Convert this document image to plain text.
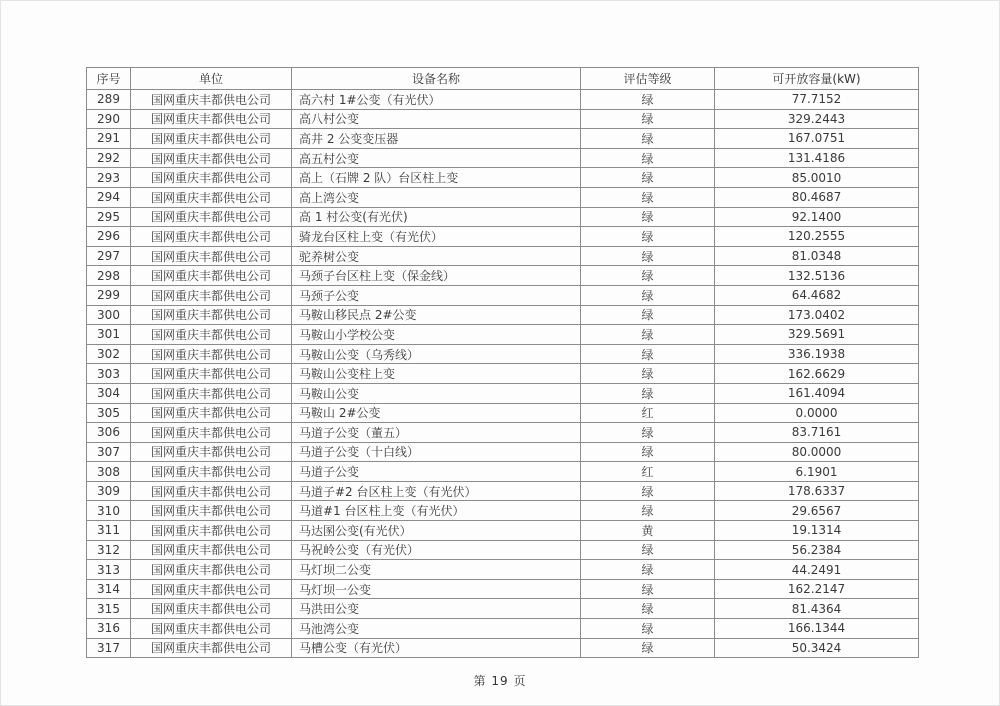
序号	单位	设备名称	评估等级	可开放容量(kW)
289	国网重庆丰都供电公司	高六村 1#公变（有光伏）	绿	77.7152
290	国网重庆丰都供电公司	高八村公变	绿	329.2443
291	国网重庆丰都供电公司	高井 2 公变变压器	绿	167.0751
292	国网重庆丰都供电公司	高五村公变	绿	131.4186
293	国网重庆丰都供电公司	高上（石牌 2 队）台区柱上变	绿	85.0010
294	国网重庆丰都供电公司	高上湾公变	绿	80.4687
295	国网重庆丰都供电公司	高 1 村公变(有光伏)	绿	92.1400
296	国网重庆丰都供电公司	骑龙台区柱上变（有光伏）	绿	120.2555
297	国网重庆丰都供电公司	驼养树公变	绿	81.0348
298	国网重庆丰都供电公司	马颈子台区柱上变（保金线）	绿	132.5136
299	国网重庆丰都供电公司	马颈子公变	绿	64.4682
300	国网重庆丰都供电公司	马鞍山移民点 2#公变	绿	173.0402
301	国网重庆丰都供电公司	马鞍山小学校公变	绿	329.5691
302	国网重庆丰都供电公司	马鞍山公变（乌秀线）	绿	336.1938
303	国网重庆丰都供电公司	马鞍山公变柱上变	绿	162.6629
304	国网重庆丰都供电公司	马鞍山公变	绿	161.4094
305	国网重庆丰都供电公司	马鞍山 2#公变	红	0.0000
306	国网重庆丰都供电公司	马道子公变（董五）	绿	83.7161
307	国网重庆丰都供电公司	马道子公变（十白线）	绿	80.0000
308	国网重庆丰都供电公司	马道子公变	红	6.1901
309	国网重庆丰都供电公司	马道子#2 台区柱上变（有光伏）	绿	178.6337
310	国网重庆丰都供电公司	马道#1 台区柱上变（有光伏）	绿	29.6567
311	国网重庆丰都供电公司	马达圂公变(有光伏）	黄	19.1314
312	国网重庆丰都供电公司	马祝岭公变（有光伏）	绿	56.2384
313	国网重庆丰都供电公司	马灯坝二公变	绿	44.2491
314	国网重庆丰都供电公司	马灯坝一公变	绿	162.2147
315	国网重庆丰都供电公司	马洪田公变	绿	81.4364
316	国网重庆丰都供电公司	马池湾公变	绿	166.1344
317	国网重庆丰都供电公司	马槽公变（有光伏）	绿	50.3424
第 19 页
